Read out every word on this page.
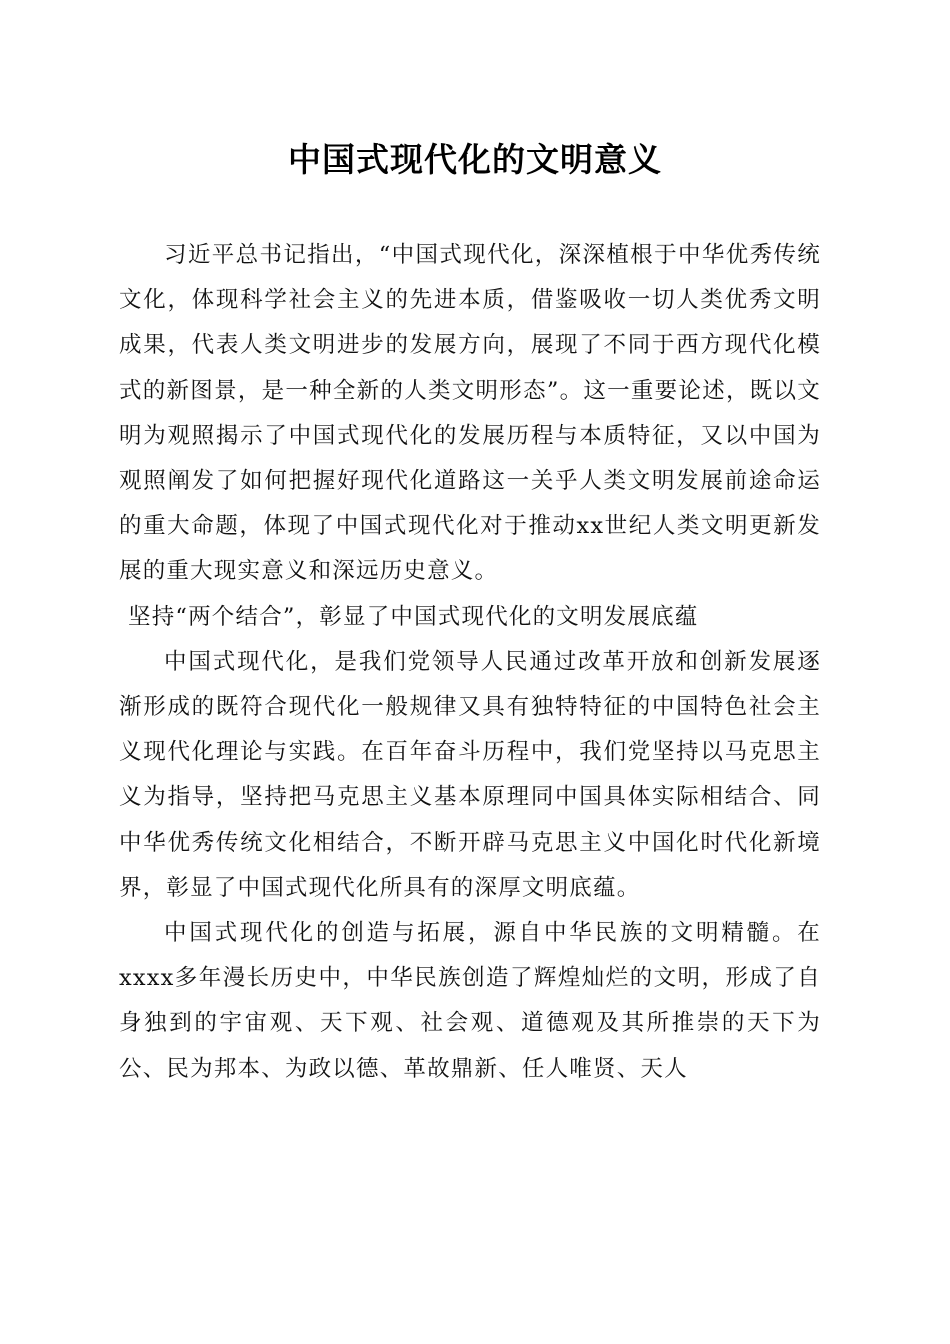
中国式现代化的文明意义

习近平总书记指出，“中国式现代化，深深植根于中华优秀传统文化，体现科学社会主义的先进本质，借鉴吸收一切人类优秀文明成果，代表人类文明进步的发展方向，展现了不同于西方现代化模式的新图景，是一种全新的人类文明形态”。这一重要论述，既以文明为观照揭示了中国式现代化的发展历程与本质特征，又以中国为观照阐发了如何把握好现代化道路这一关乎人类文明发展前途命运的重大命题，体现了中国式现代化对于推动xx世纪人类文明更新发展的重大现实意义和深远历史意义。

坚持“两个结合”，彰显了中国式现代化的文明发展底蕴

中国式现代化，是我们党领导人民通过改革开放和创新发展逐渐形成的既符合现代化一般规律又具有独特特征的中国特色社会主义现代化理论与实践。在百年奋斗历程中，我们党坚持以马克思主义为指导，坚持把马克思主义基本原理同中国具体实际相结合、同中华优秀传统文化相结合，不断开辟马克思主义中国化时代化新境界，彰显了中国式现代化所具有的深厚文明底蕴。

中国式现代化的创造与拓展，源自中华民族的文明精髓。在xxxx多年漫长历史中，中华民族创造了辉煌灿烂的文明，形成了自身独到的宇宙观、天下观、社会观、道德观及其所推崇的天下为公、民为邦本、为政以德、革故鼎新、任人唯贤、天人
